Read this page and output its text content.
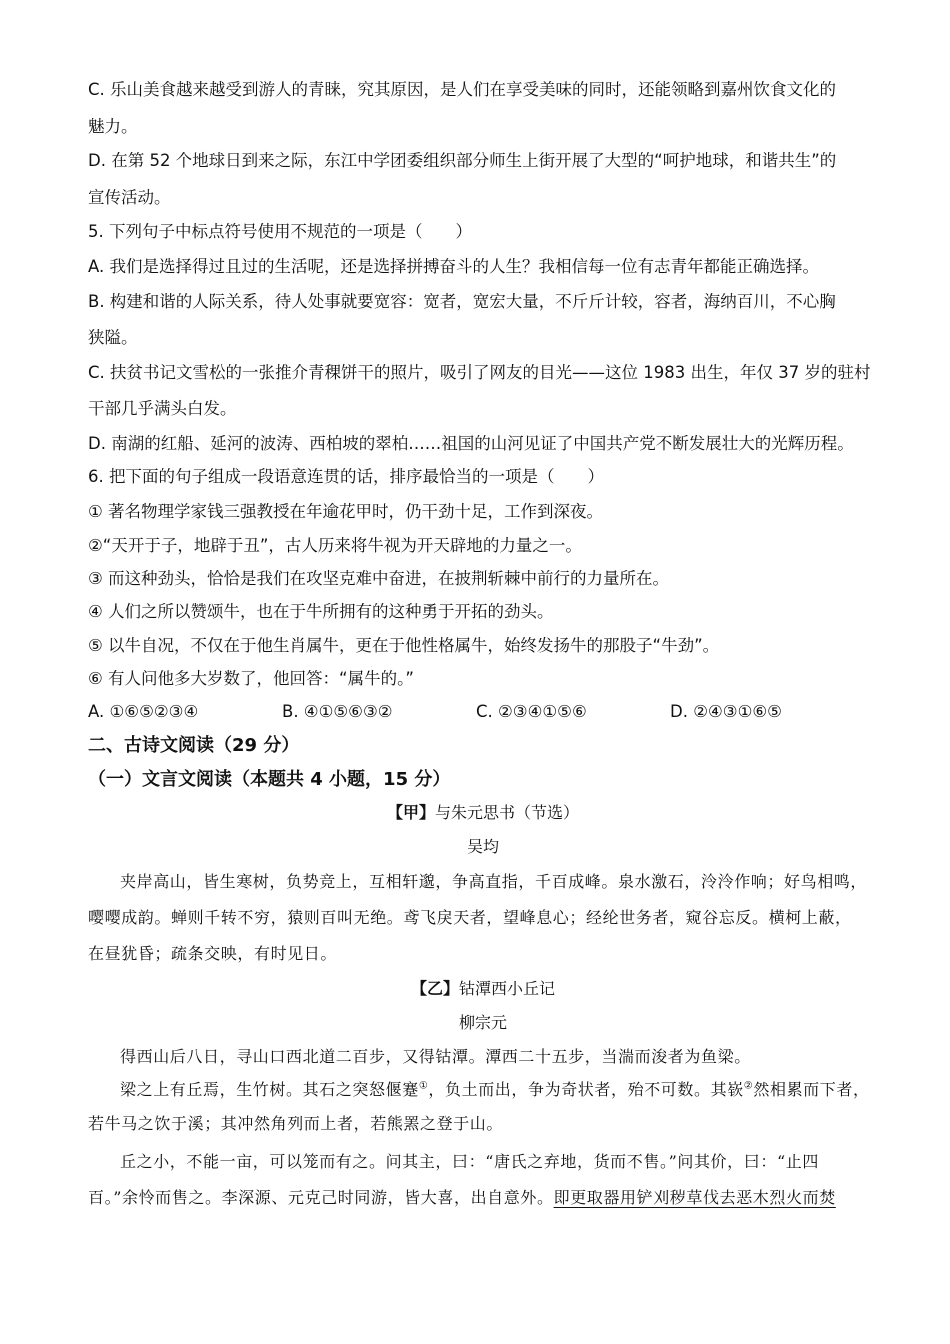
C. 乐山美食越来越受到游人的青睐，究其原因，是人们在享受美味的同时，还能领略到嘉州饮食文化的
魅力。
D. 在第 52 个地球日到来之际，东江中学团委组织部分师生上街开展了大型的“呵护地球，和谐共生”的
宣传活动。
5. 下列句子中标点符号使用不规范的一项是（　　）
A. 我们是选择得过且过的生活呢，还是选择拼搏奋斗的人生？我相信每一位有志青年都能正确选择。
B. 构建和谐的人际关系，待人处事就要宽容：宽者，宽宏大量，不斤斤计较，容者，海纳百川，不心胸
狭隘。
C. 扶贫书记文雪松的一张推介青稞饼干的照片，吸引了网友的目光——这位 1983 出生，年仅 37 岁的驻村
干部几乎满头白发。
D. 南湖的红船、延河的波涛、西柏坡的翠柏……祖国的山河见证了中国共产党不断发展壮大的光辉历程。
6. 把下面的句子组成一段语意连贯的话，排序最恰当的一项是（　　）
① 著名物理学家钱三强教授在年逾花甲时，仍干劲十足，工作到深夜。
②“天开于子，地辟于丑”，古人历来将牛视为开天辟地的力量之一。
③ 而这种劲头，恰恰是我们在攻坚克难中奋进，在披荆斩棘中前行的力量所在。
④ 人们之所以赞颂牛，也在于牛所拥有的这种勇于开拓的劲头。
⑤ 以牛自况，不仅在于他生肖属牛，更在于他性格属牛，始终发扬牛的那股子“牛劲”。
⑥ 有人问他多大岁数了，他回答：“属牛的。”
A. ①⑥⑤②③④	B. ④①⑤⑥③②	C. ②③④①⑤⑥	D. ②④③①⑥⑤
二、古诗文阅读（29 分）
（一）文言文阅读（本题共 4 小题，15 分）
【甲】与朱元思书（节选）
吴均
夹岸高山，皆生寒树，负势竞上，互相轩邈，争高直指，千百成峰。泉水激石，泠泠作响；好鸟相鸣，
嘤嘤成韵。蝉则千转不穷，猿则百叫无绝。鸢飞戾天者，望峰息心；经纶世务者，窥谷忘反。横柯上蔽，
在昼犹昏；疏条交映，有时见日。
【乙】钴潭西小丘记
柳宗元
得西山后八日，寻山口西北道二百步，又得钴潭。潭西二十五步，当湍而浚者为鱼梁。
梁之上有丘焉，生竹树。其石之突怒偃蹇①，负土而出，争为奇状者，殆不可数。其嵚②然相累而下者，
若牛马之饮于溪；其冲然角列而上者，若熊罴之登于山。
丘之小，不能一亩，可以笼而有之。问其主，曰：“唐氏之弃地，货而不售。”问其价，曰：“止四
百。”余怜而售之。李深源、元克己时同游，皆大喜，出自意外。即更取器用铲刈秽草伐去恶木烈火而焚
